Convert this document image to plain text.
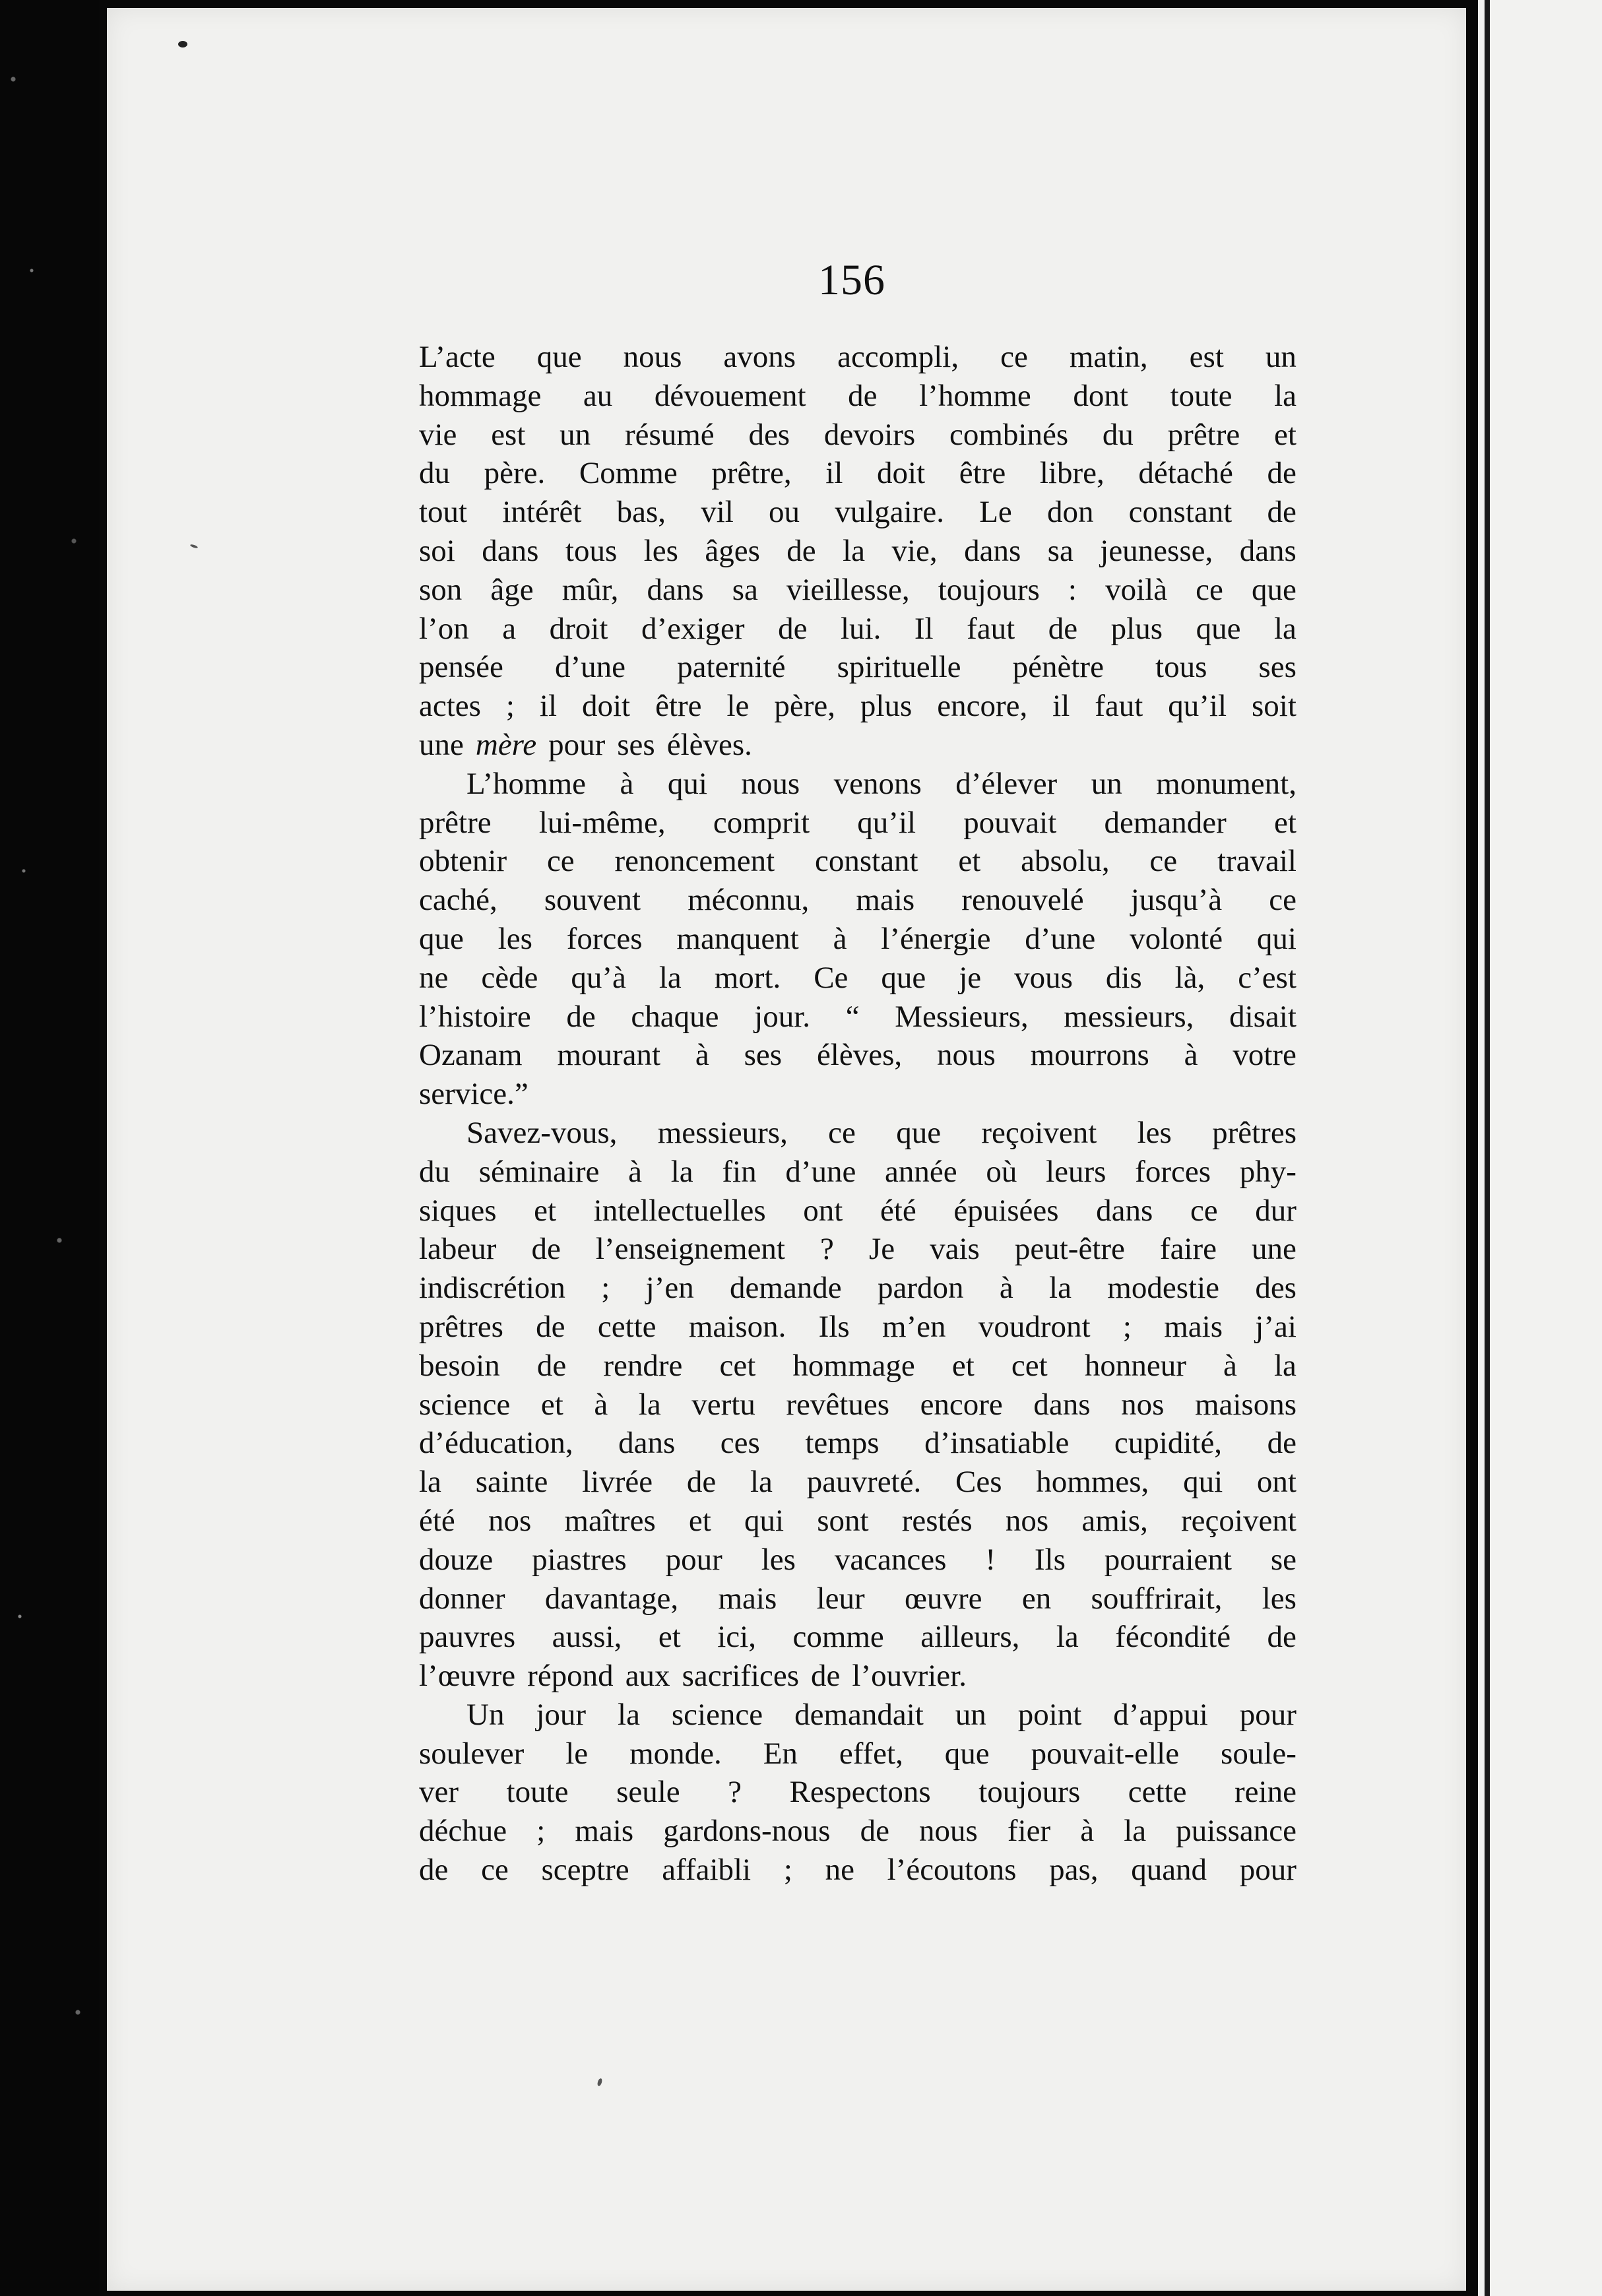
156
L’acte que nous avons accompli, ce matin, est un
hommage au dévouement de l’homme dont toute la
vie est un résumé des devoirs combinés du prêtre et
du père. Comme prêtre, il doit être libre, détaché de
tout intérêt bas, vil ou vulgaire. Le don constant de
soi dans tous les âges de la vie, dans sa jeunesse, dans
son âge mûr, dans sa vieillesse, toujours : voilà ce que
l’on a droit d’exiger de lui. Il faut de plus que la
pensée d’une paternité spirituelle pénètre tous ses
actes ; il doit être le père, plus encore, il faut qu’il soit
une mère pour ses élèves.
L’homme à qui nous venons d’élever un monument,
prêtre lui-même, comprit qu’il pouvait demander et
obtenir ce renoncement constant et absolu, ce travail
caché, souvent méconnu, mais renouvelé jusqu’à ce
que les forces manquent à l’énergie d’une volonté qui
ne cède qu’à la mort. Ce que je vous dis là, c’est
l’histoire de chaque jour. “ Messieurs, messieurs, disait
Ozanam mourant à ses élèves, nous mourrons à votre
service.”
Savez-vous, messieurs, ce que reçoivent les prêtres
du séminaire à la fin d’une année où leurs forces phy-
siques et intellectuelles ont été épuisées dans ce dur
labeur de l’enseignement ? Je vais peut-être faire une
indiscrétion ; j’en demande pardon à la modestie des
prêtres de cette maison. Ils m’en voudront ; mais j’ai
besoin de rendre cet hommage et cet honneur à la
science et à la vertu revêtues encore dans nos maisons
d’éducation, dans ces temps d’insatiable cupidité, de
la sainte livrée de la pauvreté. Ces hommes, qui ont
été nos maîtres et qui sont restés nos amis, reçoivent
douze piastres pour les vacances ! Ils pourraient se
donner davantage, mais leur œuvre en souffrirait, les
pauvres aussi, et ici, comme ailleurs, la fécondité de
l’œuvre répond aux sacrifices de l’ouvrier.
Un jour la science demandait un point d’appui pour
soulever le monde. En effet, que pouvait-elle soule-
ver toute seule ? Respectons toujours cette reine
déchue ; mais gardons-nous de nous fier à la puissance
de ce sceptre affaibli ; ne l’écoutons pas, quand pour
